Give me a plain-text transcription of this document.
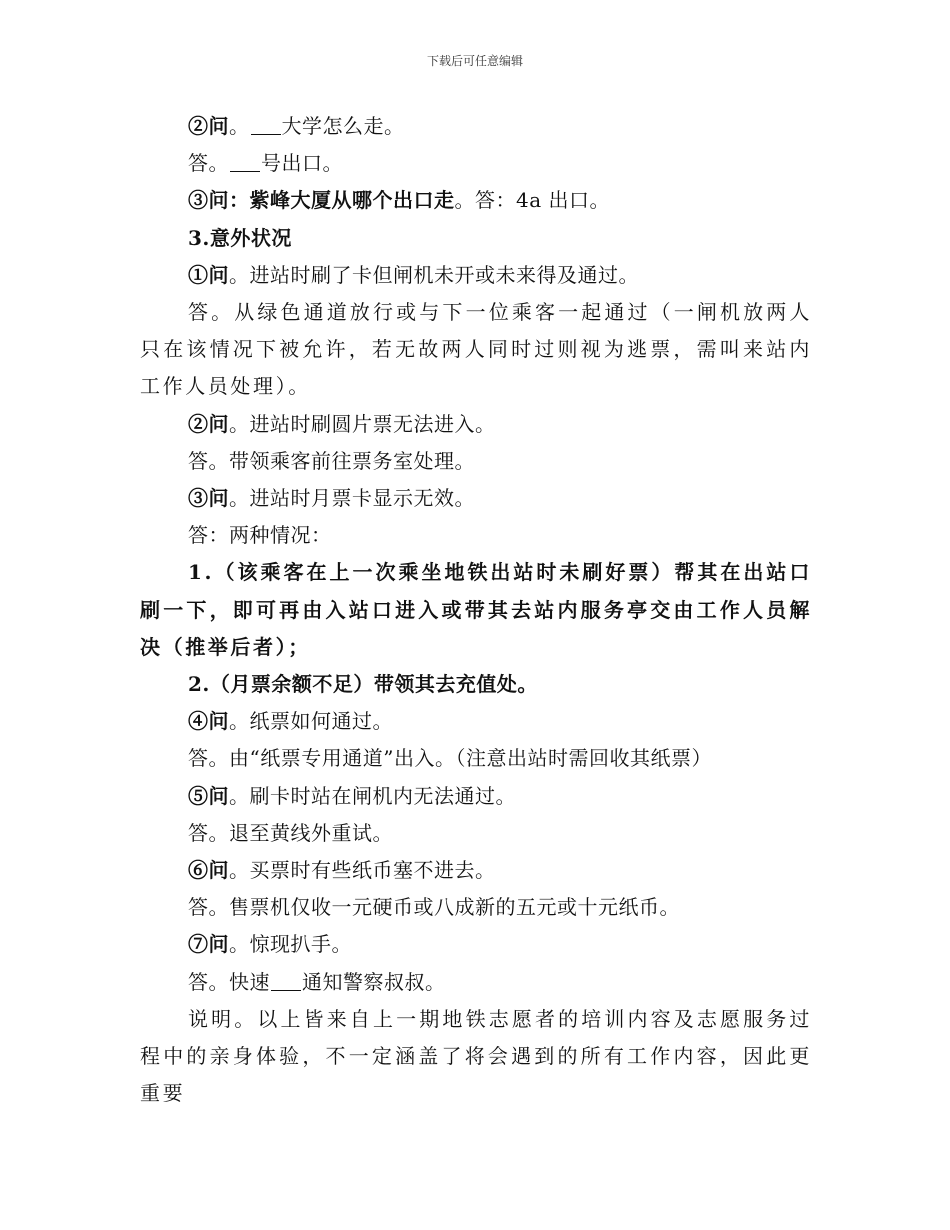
下载后可任意编辑
②问。 大学怎么走。
答。 号出口。
③问：紫峰大厦从哪个出口走。答：4a 出口。
3.意外状况
①问。进站时刷了卡但闸机未开或未来得及通过。
答。从绿色通道放行或与下一位乘客一起通过（一闸机放两人只在该情况下被允许，若无故两人同时过则视为逃票，需叫来站内工作人员处理）。
②问。进站时刷圆片票无法进入。
答。带领乘客前往票务室处理。
③问。进站时月票卡显示无效。
答：两种情况：
1.（该乘客在上一次乘坐地铁出站时未刷好票）帮其在出站口刷一下，即可再由入站口进入或带其去站内服务亭交由工作人员解决（推举后者）；
2.（月票余额不足）带领其去充值处。
④问。纸票如何通过。
答。由“纸票专用通道”出入。（注意出站时需回收其纸票）
⑤问。刷卡时站在闸机内无法通过。
答。退至黄线外重试。
⑥问。买票时有些纸币塞不进去。
答。售票机仅收一元硬币或八成新的五元或十元纸币。
⑦问。惊现扒手。
答。快速 通知警察叔叔。
说明。以上皆来自上一期地铁志愿者的培训内容及志愿服务过程中的亲身体验，不一定涵盖了将会遇到的所有工作内容，因此更重要
